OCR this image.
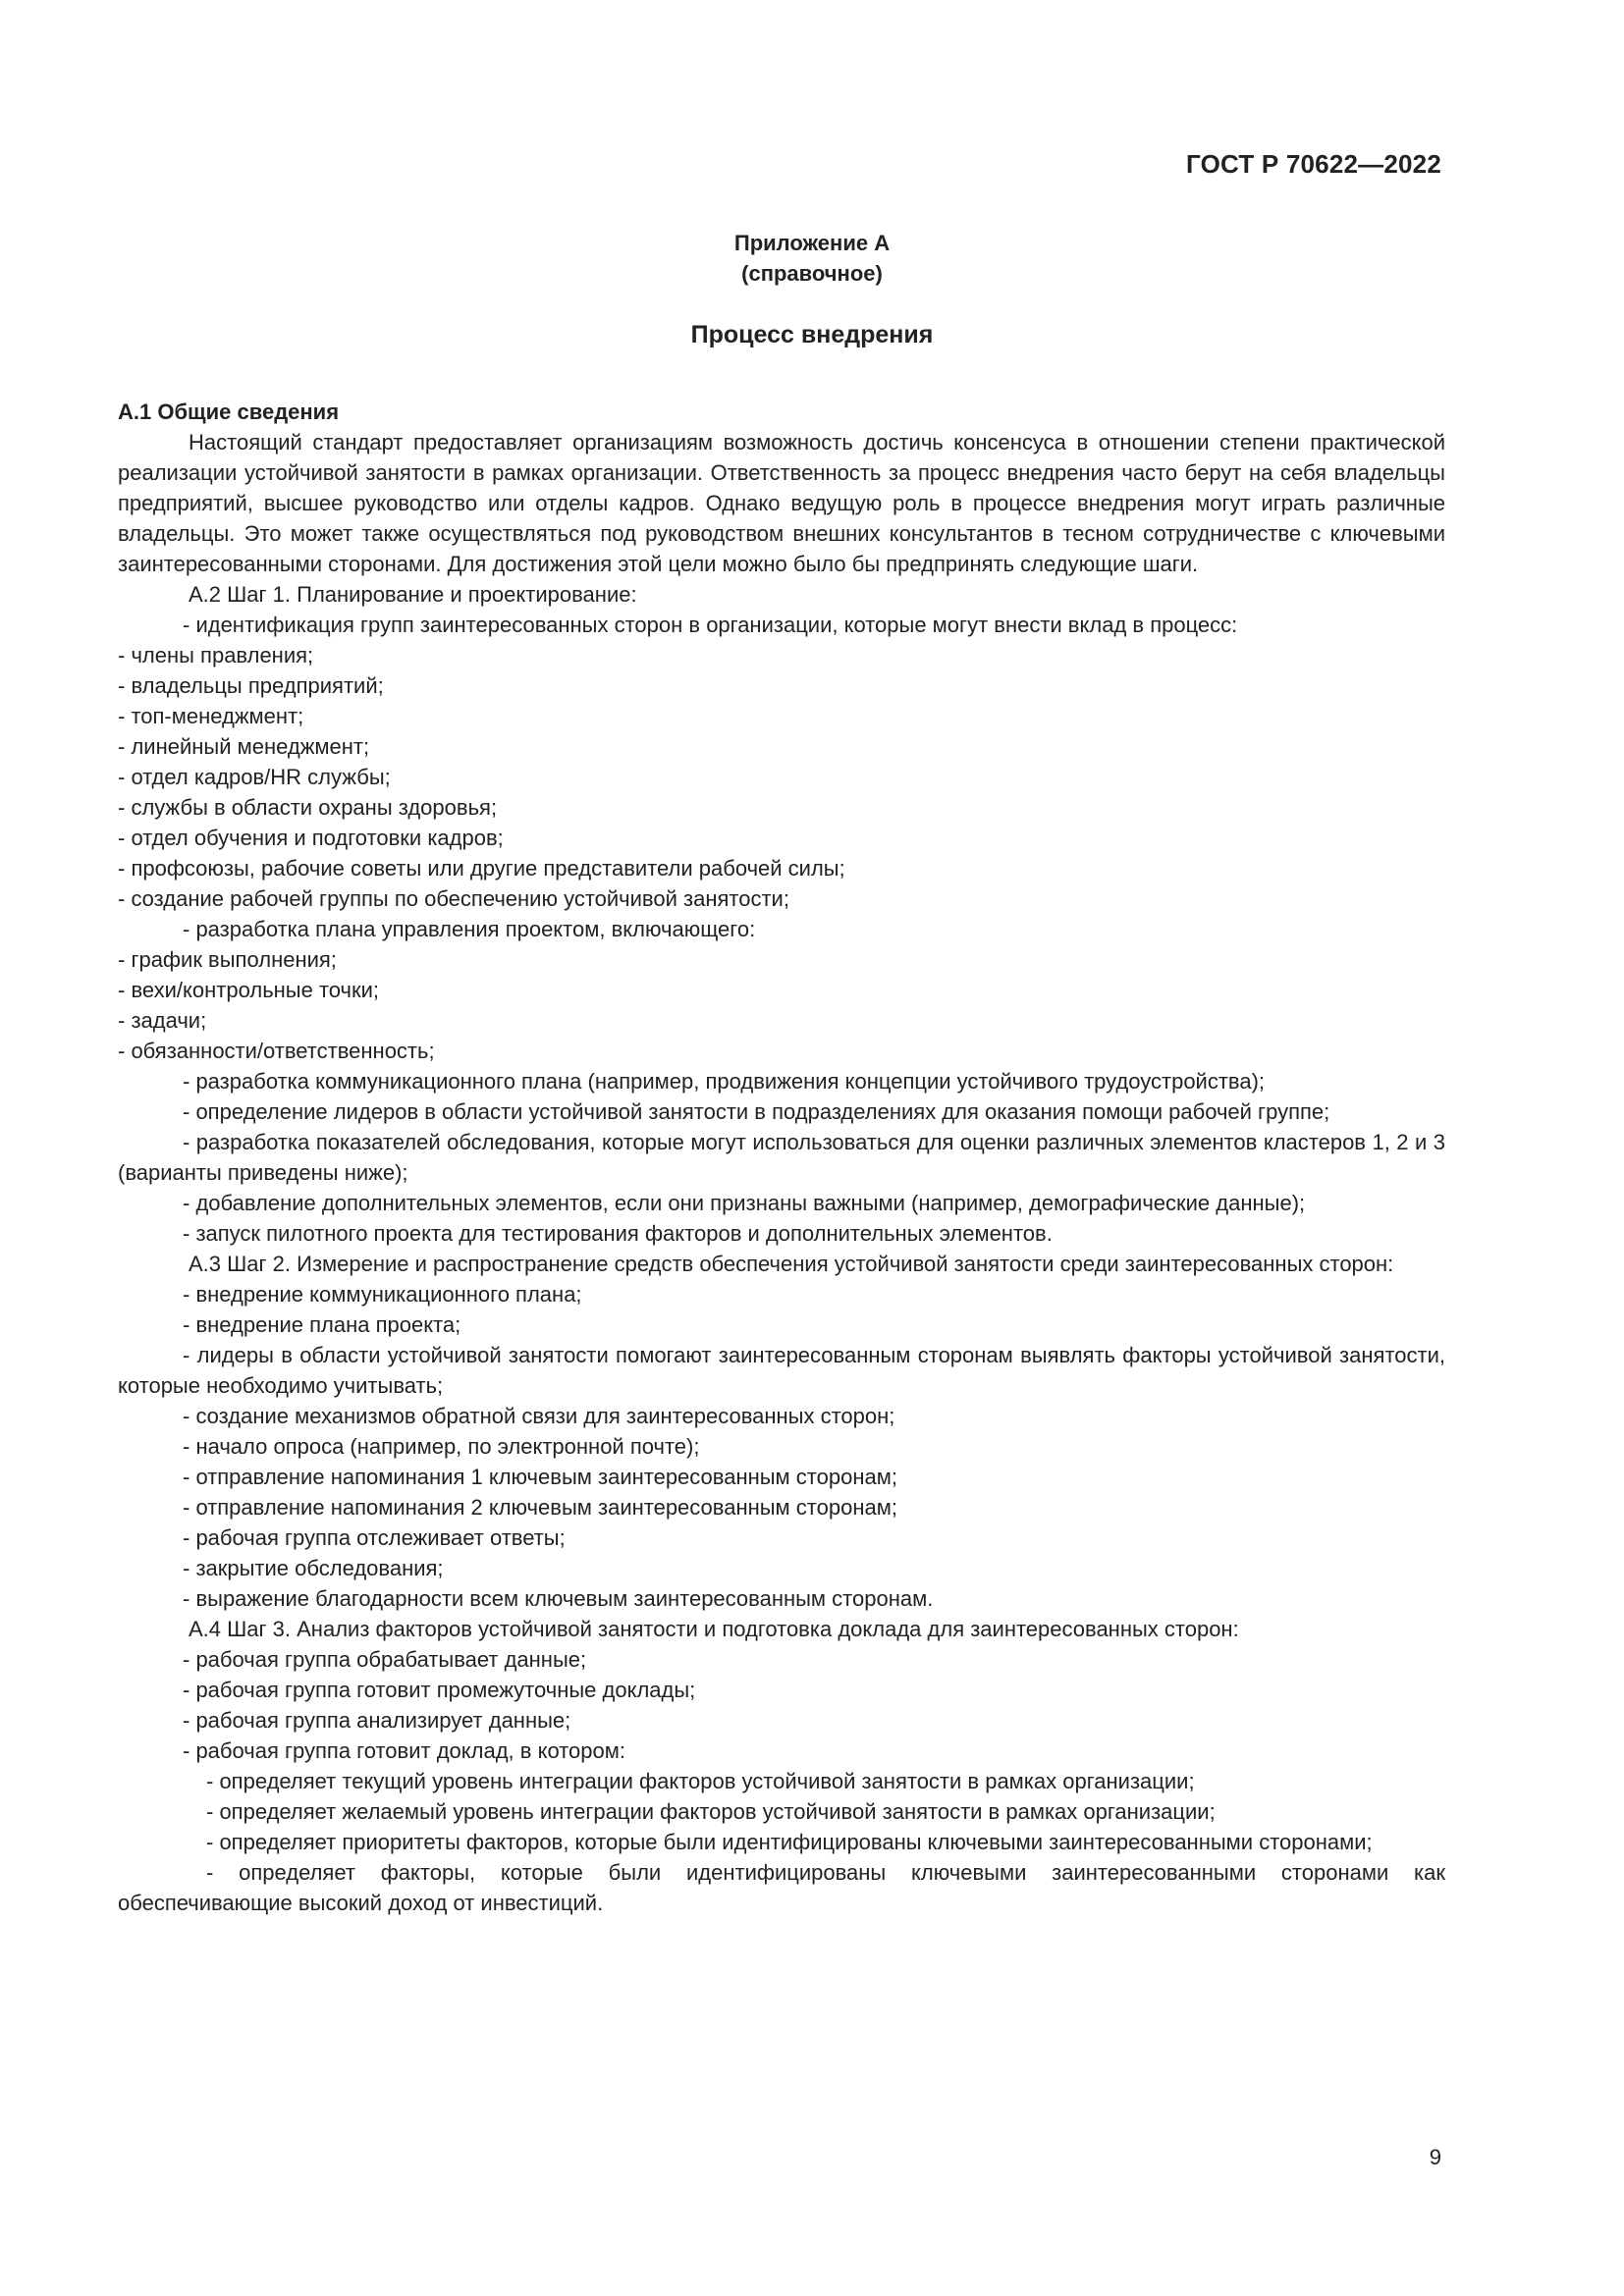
ГОСТ Р 70622—2022
Приложение А
(справочное)
Процесс внедрения

А.1 Общие сведения

Настоящий стандарт предоставляет организациям возможность достичь консенсуса в отношении степени практической реализации устойчивой занятости в рамках организации. Ответственность за процесс внедрения часто берут на себя владельцы предприятий, высшее руководство или отделы кадров. Однако ведущую роль в процессе внедрения могут играть различные владельцы. Это может также осуществляться под руководством внешних консультантов в тесном сотрудничестве с ключевыми заинтересованными сторонами. Для достижения этой цели можно было бы предпринять следующие шаги.

А.2 Шаг 1. Планирование и проектирование:

- идентификация групп заинтересованных сторон в организации, которые могут внести вклад в процесс:

- члены правления;

- владельцы предприятий;

- топ-менеджмент;

- линейный менеджмент;

- отдел кадров/HR службы;

- службы в области охраны здоровья;

- отдел обучения и подготовки кадров;

- профсоюзы, рабочие советы или другие представители рабочей силы;

- создание рабочей группы по обеспечению устойчивой занятости;

- разработка плана управления проектом, включающего:

- график выполнения;

- вехи/контрольные точки;

- задачи;

- обязанности/ответственность;

- разработка коммуникационного плана (например, продвижения концепции устойчивого трудоустройства);

- определение лидеров в области устойчивой занятости в подразделениях для оказания помощи рабочей группе;

- разработка показателей обследования, которые могут использоваться для оценки различных элементов кластеров 1, 2 и 3 (варианты приведены ниже);

- добавление дополнительных элементов, если они признаны важными (например, демографические данные);

- запуск пилотного проекта для тестирования факторов и дополнительных элементов.

А.3 Шаг 2. Измерение и распространение средств обеспечения устойчивой занятости среди заинтересованных сторон:

- внедрение коммуникационного плана;

- внедрение плана проекта;

- лидеры в области устойчивой занятости помогают заинтересованным сторонам выявлять факторы устойчивой занятости, которые необходимо учитывать;

- создание механизмов обратной связи для заинтересованных сторон;

- начало опроса (например, по электронной почте);

- отправление напоминания 1 ключевым заинтересованным сторонам;

- отправление напоминания 2 ключевым заинтересованным сторонам;

- рабочая группа отслеживает ответы;

- закрытие обследования;

- выражение благодарности всем ключевым заинтересованным сторонам.

А.4 Шаг 3. Анализ факторов устойчивой занятости и подготовка доклада для заинтересованных сторон:

- рабочая группа обрабатывает данные;

- рабочая группа готовит промежуточные доклады;

- рабочая группа анализирует данные;

- рабочая группа готовит доклад, в котором:

- определяет текущий уровень интеграции факторов устойчивой занятости в рамках организации;

- определяет желаемый уровень интеграции факторов устойчивой занятости в рамках организации;

- определяет приоритеты факторов, которые были идентифицированы ключевыми заинтересованными сторонами;

- определяет факторы, которые были идентифицированы ключевыми заинтересованными сторонами как обеспечивающие высокий доход от инвестиций.

9
